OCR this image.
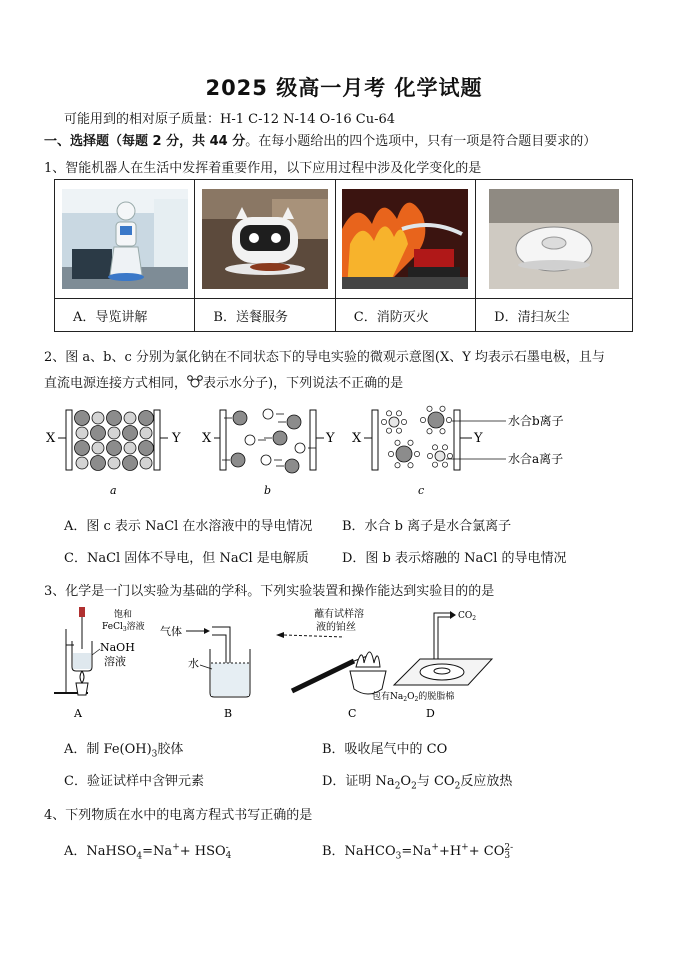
2025 级高一月考 化学试题
可能用到的相对原子质量：H-1 C-12 N-14 O-16 Cu-64
一、选择题（每题 2 分，共 44 分。在每小题给出的四个选项中，只有一项是符合题目要求的）
1、智能机器人在生活中发挥着重要作用，以下应用过程中涉及化学变化的是

A．导览讲解	B．送餐服务	C．消防灭火	D．清扫灰尘
2、图 a、b、c 分别为氯化钠在不同状态下的导电实验的微观示意图(X、Y 均表示石墨电极，且与
直流电源连接方式相同， 表示水分子)，下列说法不正确的是
X	Y
a
X	Y
b
X	Y
水合b离子
水合a离子
c
A．图 c 表示 NaCl 在水溶液中的导电情况 B．水合 b 离子是水合氯离子
C．NaCl 固体不导电，但 NaCl 是电解质	D．图 b 表示熔融的 NaCl 的导电情况
3、化学是一门以实验为基础的学科。下列实验装置和操作能达到实验目的的是
饱和
FeCl$_3$溶液
NaOH
溶液
A
气体
水
B
蘸有试样溶
液的铂丝
C
$CO_2$
包有$Na_2O_2$的脱脂棉
D
A．制 $Fe(OH)_3$胶体	B．吸收尾气中的 CO
C．验证试样中含钾元素	D．证明 $Na_2O_2$与 $CO_2$反应放热
4、下列物质在水中的电离方程式书写正确的是
A．NaHSO$_4$=Na++ HSO -
4	B．NaHCO$_3$=Na++H++ CO 2-
3
